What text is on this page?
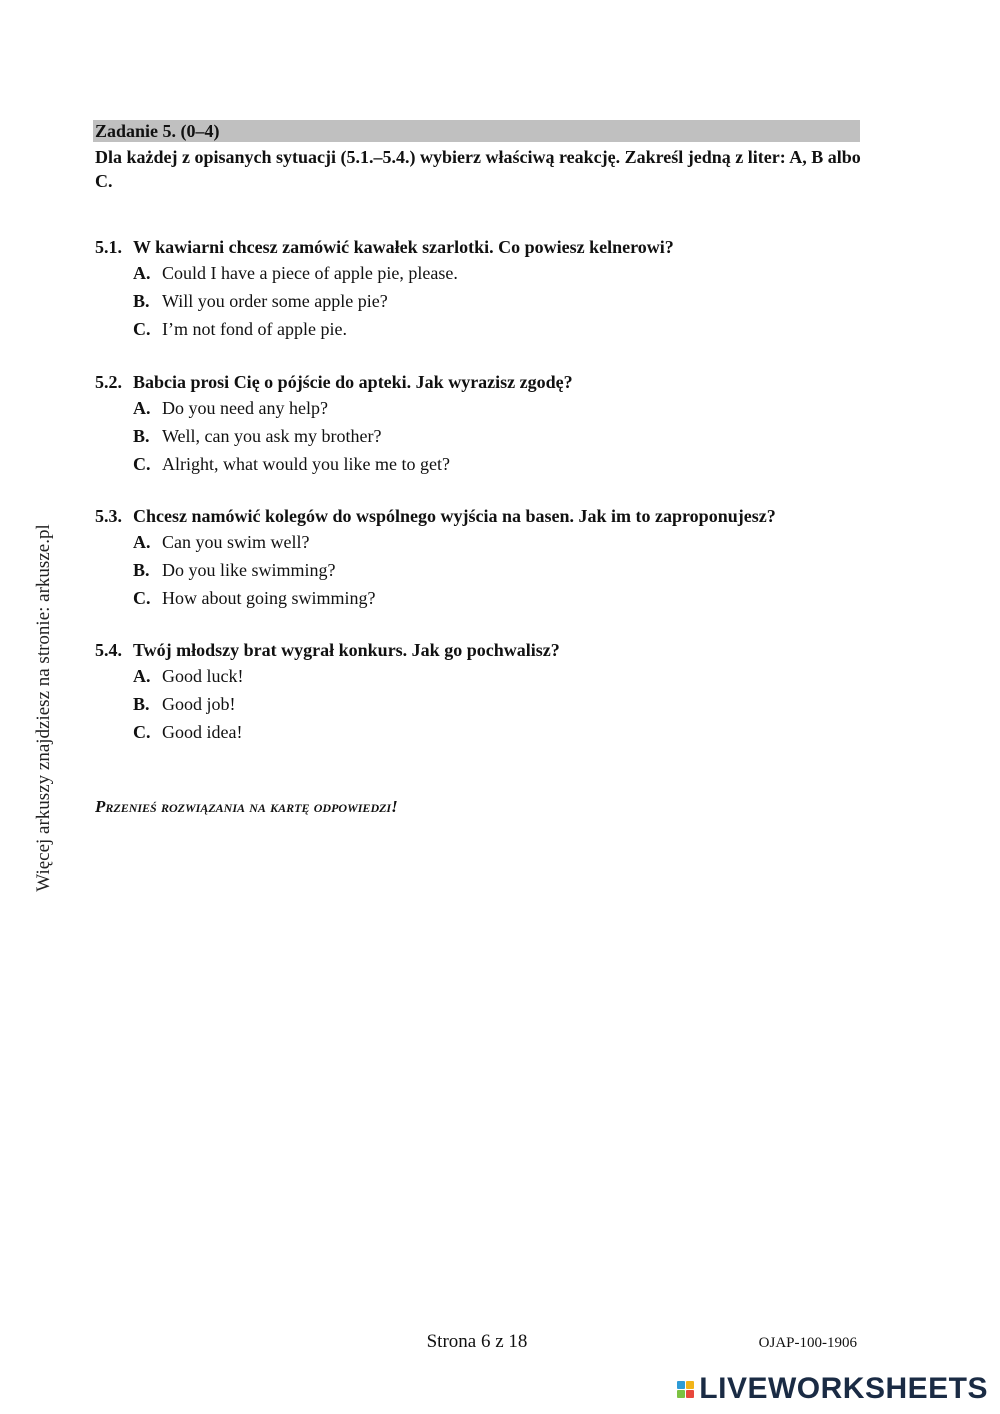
Więcej arkuszy znajdziesz na stronie: arkusze.pl
Zadanie 5. (0–4)
Dla każdej z opisanych sytuacji (5.1.–5.4.) wybierz właściwą reakcję. Zakreśl jedną z liter: A, B albo C.
5.1. W kawiarni chcesz zamówić kawałek szarlotki. Co powiesz kelnerowi?
A. Could I have a piece of apple pie, please.
B. Will you order some apple pie?
C. I’m not fond of apple pie.
5.2. Babcia prosi Cię o pójście do apteki. Jak wyrazisz zgodę?
A. Do you need any help?
B. Well, can you ask my brother?
C. Alright, what would you like me to get?
5.3. Chcesz namówić kolegów do wspólnego wyjścia na basen. Jak im to zaproponujesz?
A. Can you swim well?
B. Do you like swimming?
C. How about going swimming?
5.4. Twój młodszy brat wygrał konkurs. Jak go pochwalisz?
A. Good luck!
B. Good job!
C. Good idea!
Przenieś rozwiązania na kartę odpowiedzi!
Strona 6 z 18	OJAP-100-1906
LIVEWORKSHEETS
